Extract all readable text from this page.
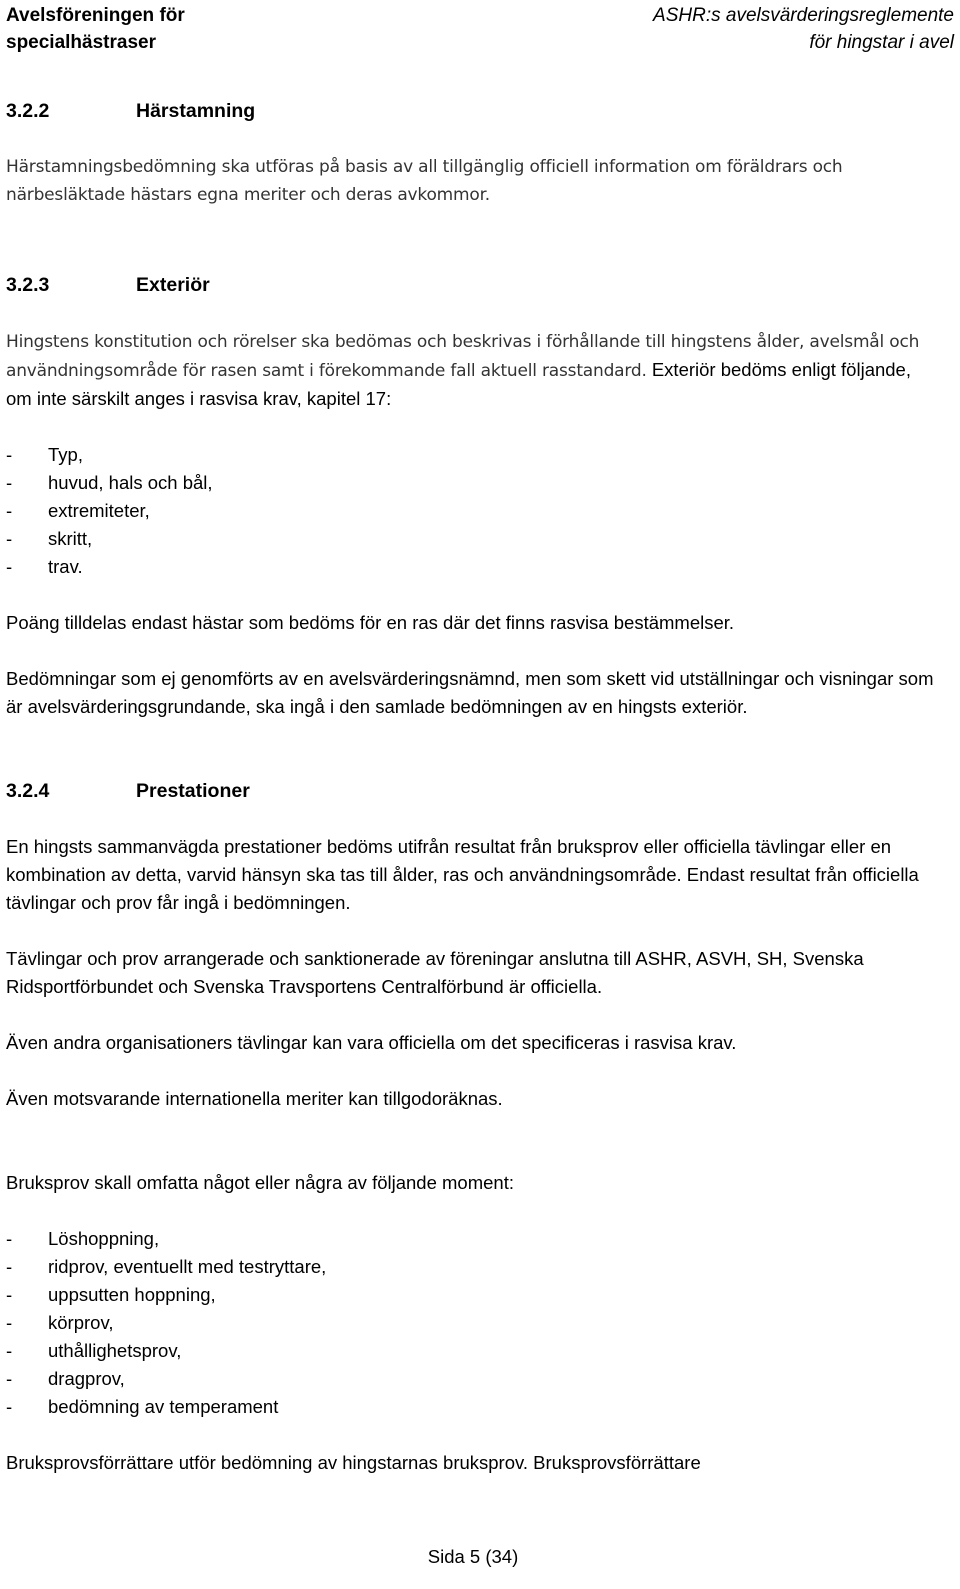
Avelsföreningen för
specialhästraser
ASHR:s avelsvärderingsreglemente
för hingstar i avel
3.2.2	Härstamning

Härstamningsbedömning ska utföras på basis av all tillgänglig officiell information om föräldrars och närbesläktade hästars egna meriter och deras avkommor.

3.2.3	Exteriör

Hingstens konstitution och rörelser ska bedömas och beskrivas i förhållande till hingstens ålder, avelsmål och användningsområde för rasen samt i förekommande fall aktuell rasstandard. Exteriör bedöms enligt följande, om inte särskilt anges i rasvisa krav, kapitel 17:

- Typ,
- huvud, hals och bål,
- extremiteter,
- skritt,
- trav.

Poäng tilldelas endast hästar som bedöms för en ras där det finns rasvisa bestämmelser.

Bedömningar som ej genomförts av en avelsvärderingsnämnd, men som skett vid utställningar och visningar som är avelsvärderingsgrundande, ska ingå i den samlade bedömningen av en hingsts exteriör.

3.2.4	Prestationer

En hingsts sammanvägda prestationer bedöms utifrån resultat från bruksprov eller officiella tävlingar eller en kombination av detta, varvid hänsyn ska tas till ålder, ras och användningsområde. Endast resultat från officiella tävlingar och prov får ingå i bedömningen.

Tävlingar och prov arrangerade och sanktionerade av föreningar anslutna till ASHR, ASVH, SH, Svenska Ridsportförbundet och Svenska Travsportens Centralförbund är officiella.

Även andra organisationers tävlingar kan vara officiella om det specificeras i rasvisa krav.

Även motsvarande internationella meriter kan tillgodoräknas.

Bruksprov skall omfatta något eller några av följande moment:

- Löshoppning,
- ridprov, eventuellt med testryttare,
- uppsutten hoppning,
- körprov,
- uthållighetsprov,
- dragprov,
- bedömning av temperament

Bruksprovsförrättare utför bedömning av hingstarnas bruksprov. Bruksprovsförrättare

Sida 5 (34)
